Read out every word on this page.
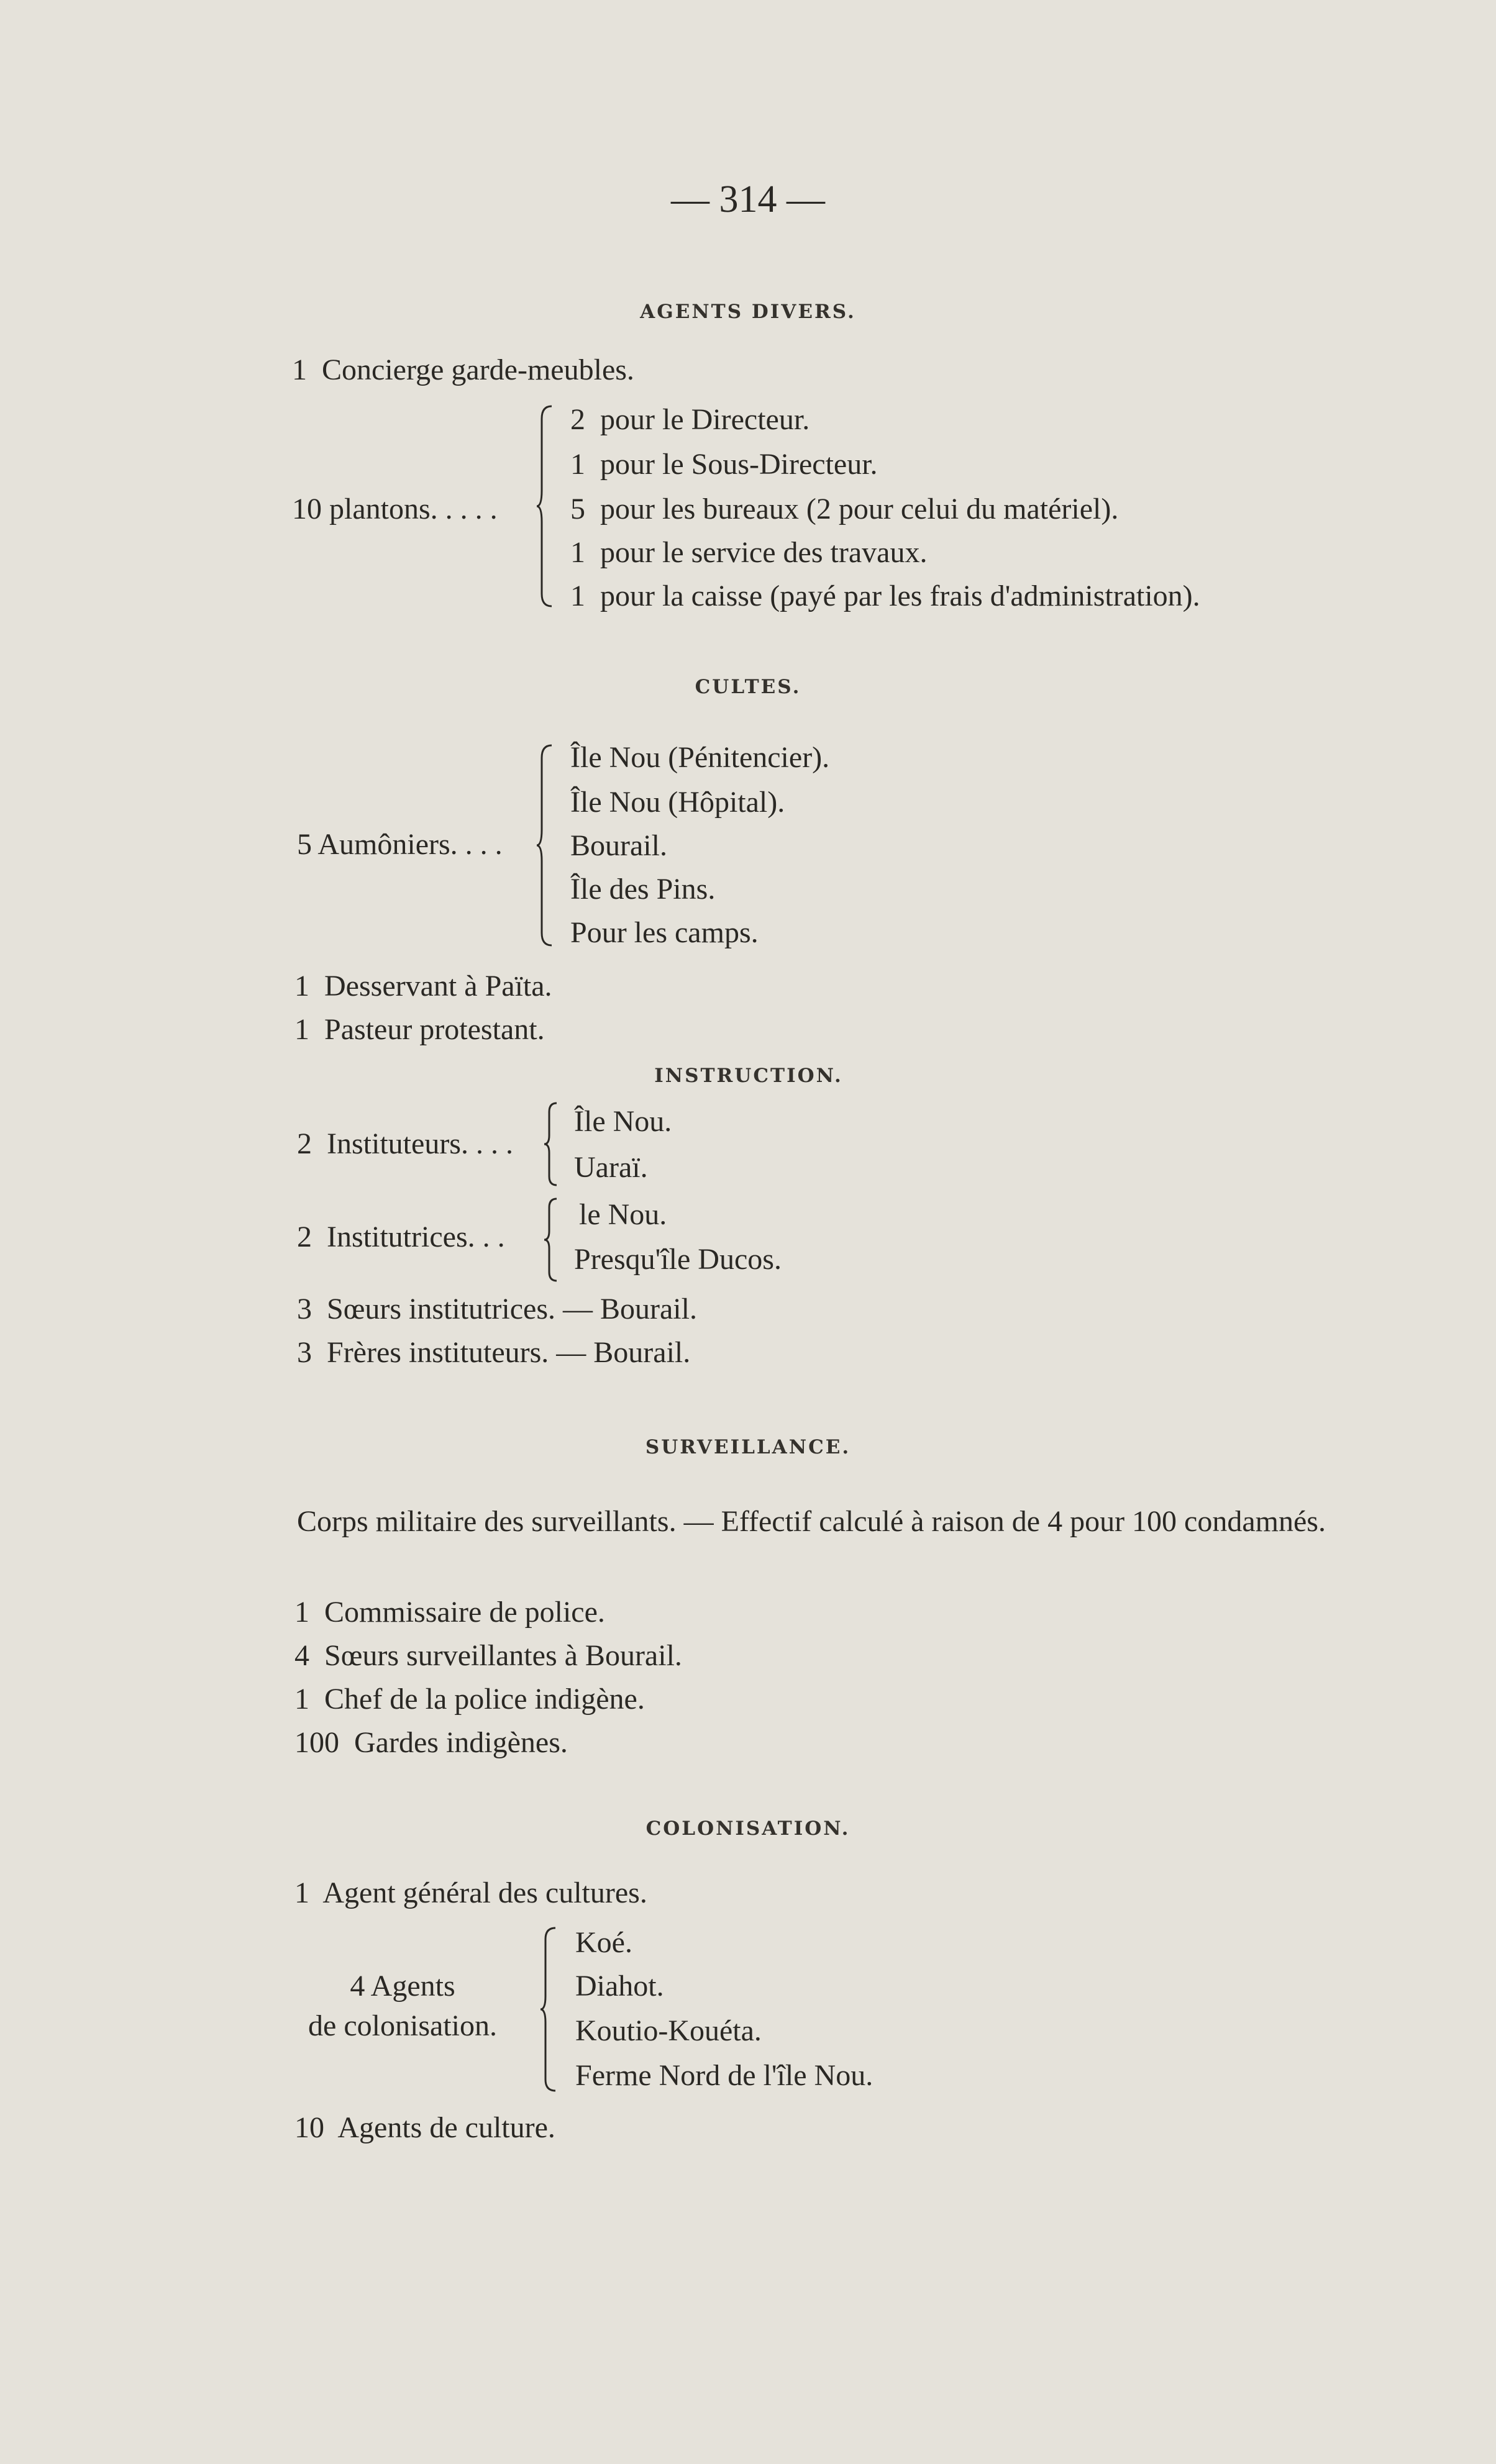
— 314 —
AGENTS DIVERS.
1 Concierge garde-meubles.
10 plantons. . . . .
2 pour le Directeur.
1 pour le Sous-Directeur.
5 pour les bureaux (2 pour celui du matériel).
1 pour le service des travaux.
1 pour la caisse (payé par les frais d'administration).
CULTES.
5 Aumôniers. . . .
Île Nou (Pénitencier).
Île Nou (Hôpital).
Bourail.
Île des Pins.
Pour les camps.
1 Desservant à Païta.
1 Pasteur protestant.
INSTRUCTION.
2 Instituteurs. . . .
Île Nou.
Uaraï.
2 Institutrices. . .
le Nou.
Presqu'île Ducos.
3 Sœurs institutrices. — Bourail.
3 Frères instituteurs. — Bourail.
SURVEILLANCE.
Corps militaire des surveillants. — Effectif calculé à raison de 4 pour 100 condamnés.
1 Commissaire de police.
4 Sœurs surveillantes à Bourail.
1 Chef de la police indigène.
100 Gardes indigènes.
COLONISATION.
1 Agent général des cultures.
4 Agents
de colonisation.
Koé.
Diahot.
Koutio-Kouéta.
Ferme Nord de l'île Nou.
10 Agents de culture.
